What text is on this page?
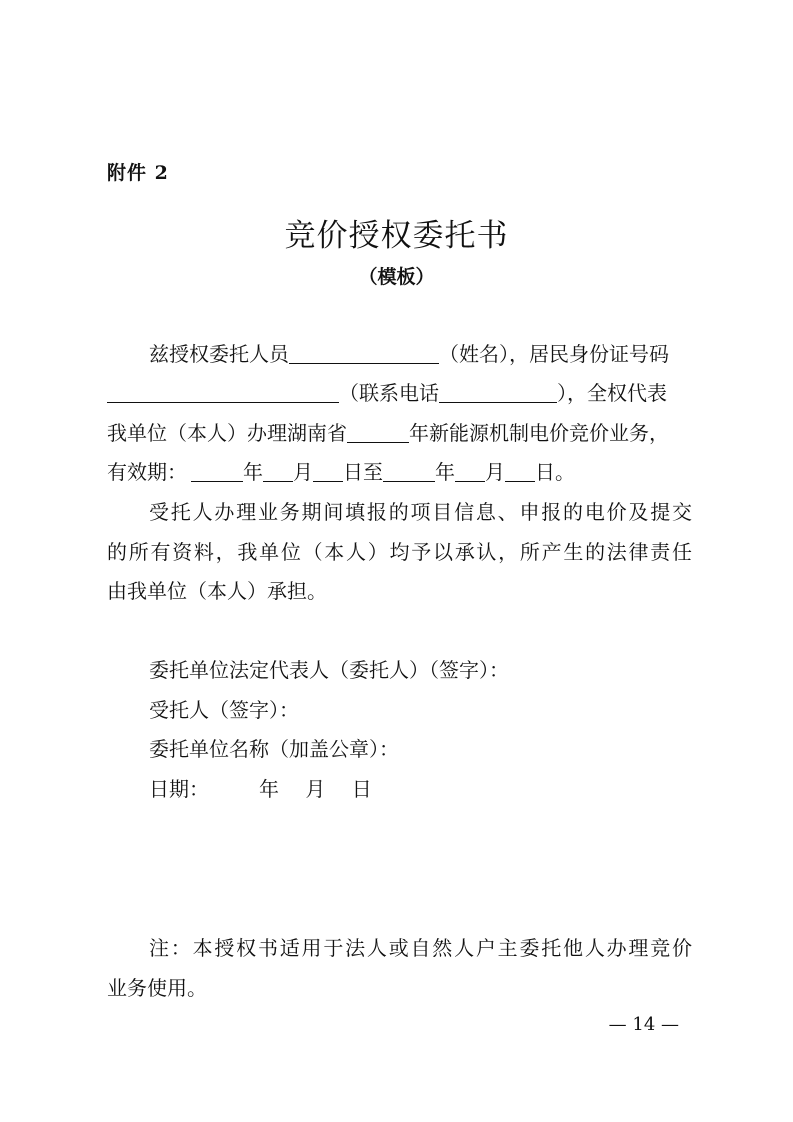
附件 2
竞价授权委托书
（模板）
兹授权委托人员	（姓名），居民身份证号码
（联系电话	），全权代表
我单位（本人）办理湖南省	年新能源机制电价竞价业务，
有效期：	年 月 日至	年 月 日。
受托人办理业务期间填报的项目信息、申报的电价及提交
的所有资料，我单位（本人）均予以承认，所产生的法律责任
由我单位（本人）承担。
委托单位法定代表人（委托人）（签字）：
受托人（签字）：
委托单位名称（加盖公章）：
日期：　　　年　 月　 日
注：本授权书适用于法人或自然人户主委托他人办理竞价
业务使用。
— 14 —
